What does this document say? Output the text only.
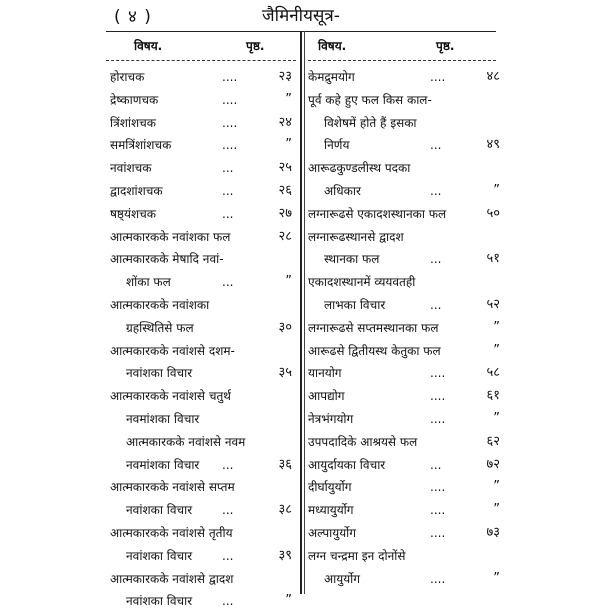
( ४ )	जैमिनीयसूत्र-
विषय.	पृष्ठ.	विषय.	पृष्ठ.
होराचक	....	२३
द्रेष्काणचक	....	”
त्रिंशांशचक	....	२४
समत्रिंशांशचक	....	”
नवांशचक	...	२५
द्वादशांशचक	...	२६
षष्ठ्यंशचक	...	२७
आत्मकारकके नवांशका फल	२८
आत्मकारकके मेषादि नवां-
शोंका फल	...	”
आत्मकारकके नवांशका
ग्रहस्थितिसे फल	३०
आत्मकारकके नवांशसे दशम-
नवांशका विचार	३५
आत्मकारकके नवांशसे चतुर्थ
नवमांशका विचार
आत्मकारकके नवांशसे नवम
नवमांशका विचार ...	३६
आत्मकारकके नवांशसे सप्तम
नवांशका विचार ...	३८
आत्मकारकके नवांशसे तृतीय
नवांशका विचार ...	३९
आत्मकारकके नवांशसे द्वादश
नवांशका विचार ...	”
केमद्रुमयोग	....	४८
पूर्व कहे हुए फल किस काल-
विशेषमें होते हैं इसका
निर्णय	...	४९
आरूढकुण्डलीस्थ पदका
अधिकार	...	”
लग्नारूढसे एकादशस्थानका फल	५०
लग्नारूढस्थानसे द्वादश
स्थानका फल	...	५१
एकादशस्थानमें व्ययवतही
लाभका विचार	...	५२
लग्नारूढसे सप्तमस्थानका फल	”
आरूढसे द्वितीयस्थ केतुका फल	”
यानयोग	....	५८
आपद्योग	....	६१
नेत्रभंगयोग	....	”
उपपदादिके आश्रयसे फल	६२
आयुर्दायका विचार	...	७२
दीर्घायुर्योग	....	”
मध्यायुर्योग	....	”
अल्पायुर्योग	....	७३
लग्न चन्द्रमा इन दोनोंसे
आयुर्योग	....	”
